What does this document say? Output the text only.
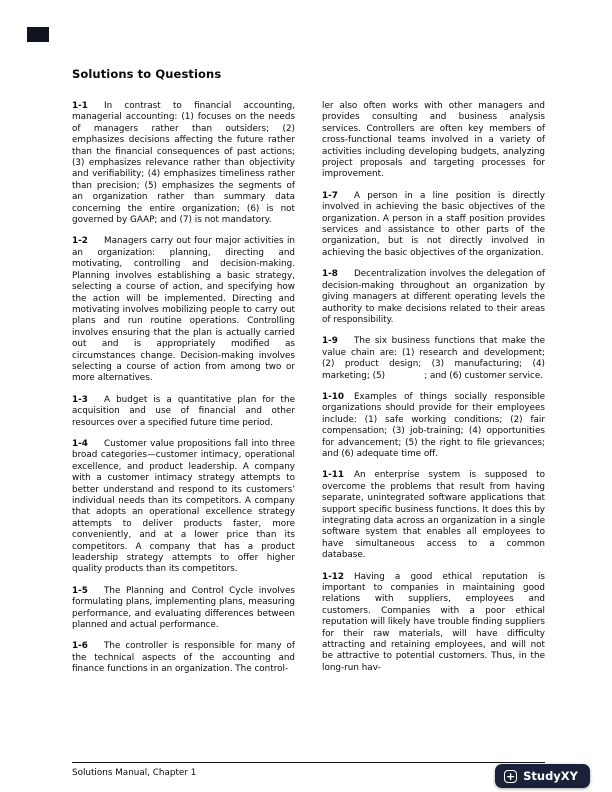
Solutions to Questions

1-1 In contrast to financial accounting, managerial accounting: (1) focuses on the needs of managers rather than outsiders; (2) emphasizes decisions affecting the future rather than the financial consequences of past actions; (3) emphasizes relevance rather than objectivity and verifiability; (4) emphasizes timeliness rather than precision; (5) emphasizes the segments of an organization rather than summary data concerning the entire organization; (6) is not governed by GAAP; and (7) is not mandatory.

1-2 Managers carry out four major activities in an organization: planning, directing and motivating, controlling and decision-making. Planning involves establishing a basic strategy, selecting a course of action, and specifying how the action will be implemented. Directing and motivating involves mobilizing people to carry out plans and run routine operations. Controlling involves ensuring that the plan is actually carried out and is appropriately modified as circumstances change. Decision-making involves selecting a course of action from among two or more alternatives.

1-3 A budget is a quantitative plan for the acquisition and use of financial and other resources over a specified future time period.

1-4 Customer value propositions fall into three broad categories—customer intimacy, operational excellence, and product leadership. A company with a customer intimacy strategy attempts to better understand and respond to its customers’ individual needs than its competitors. A company that adopts an operational excellence strategy attempts to deliver products faster, more conveniently, and at a lower price than its competitors. A company that has a product leadership strategy attempts to offer higher quality products than its competitors.

1-5 The Planning and Control Cycle involves formulating plans, implementing plans, measuring performance, and evaluating differences between planned and actual performance.

1-6 The controller is responsible for many of the technical aspects of the accounting and finance functions in an organization. The control-

ler also often works with other managers and provides consulting and business analysis services. Controllers are often key members of cross-functional teams involved in a variety of activities including developing budgets, analyzing project proposals and targeting processes for improvement.

1-7 A person in a line position is directly involved in achieving the basic objectives of the organization. A person in a staff position provides services and assistance to other parts of the organization, but is not directly involved in achieving the basic objectives of the organization.

1-8 Decentralization involves the delegation of decision-making throughout an organization by giving managers at different operating levels the authority to make decisions related to their areas of responsibility.

1-9 The six business functions that make the value chain are: (1) research and development; (2) product design; (3) manufacturing; (4) marketing; (5)              ; and (6) customer service.

1-10 Examples of things socially responsible organizations should provide for their employees include: (1) safe working conditions; (2) fair compensation; (3) job-training; (4) opportunities for advancement; (5) the right to file grievances; and (6) adequate time off.

1-11 An enterprise system is supposed to overcome the problems that result from having separate, unintegrated software applications that support specific business functions. It does this by integrating data across an organization in a single software system that enables all employees to have simultaneous access to a common database.

1-12 Having a good ethical reputation is important to companies in maintaining good relations with suppliers, employees and customers. Companies with a poor ethical reputation will likely have trouble finding suppliers for their raw materials, will have difficulty attracting and retaining employees, and will not be attractive to potential customers. Thus, in the long-run hav-

Solutions Manual, Chapter 1	+ StudyXY
